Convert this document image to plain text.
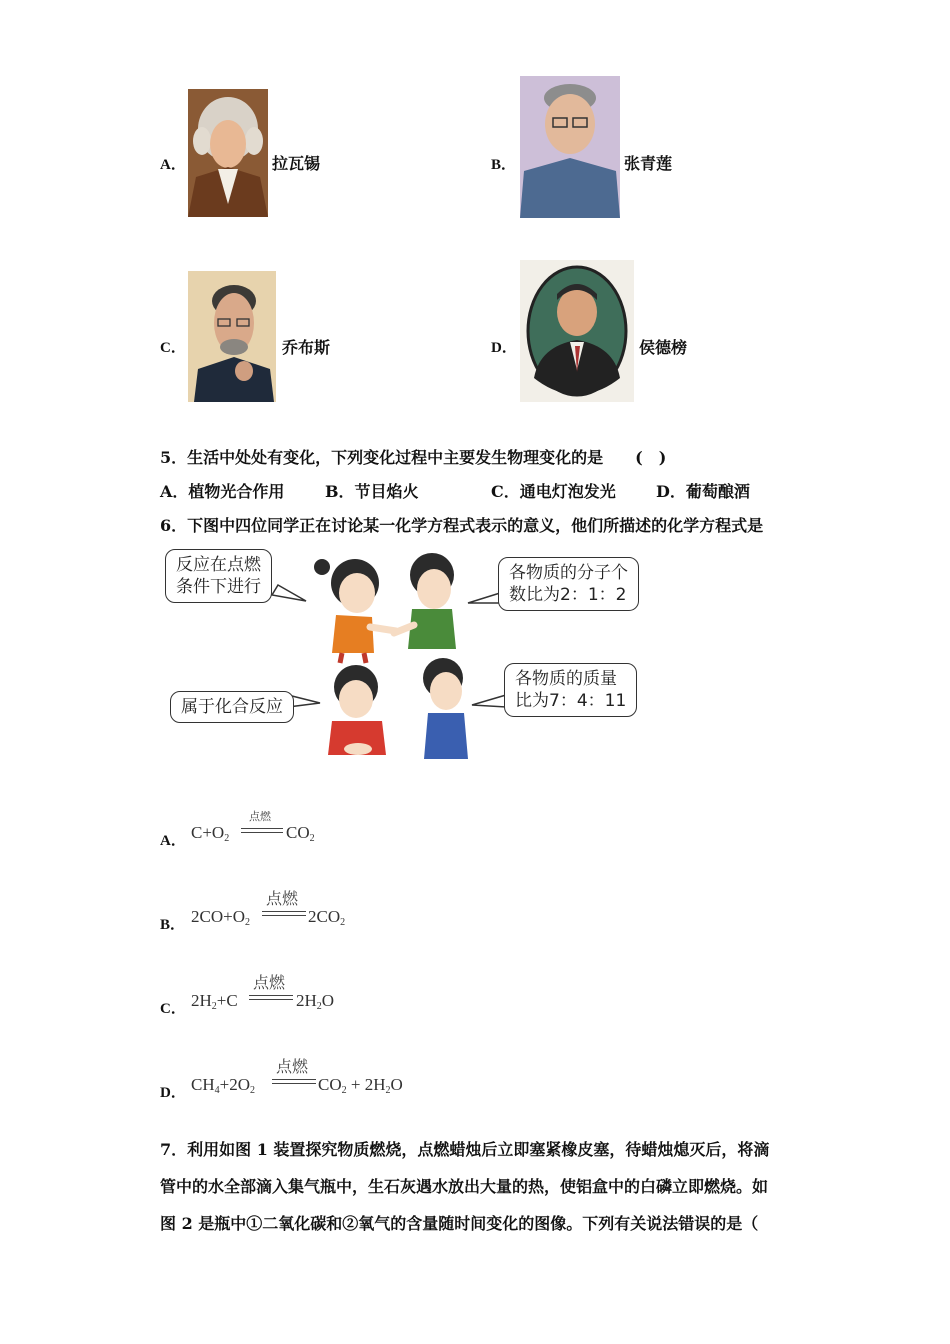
A．	拉瓦锡	B．	张青莲
C．	乔布斯	D．	侯德榜
5．生活中处处有变化，下列变化过程中主要发生物理变化的是　　(　)
A．植物光合作用	B．节目焰火	C．通电灯泡发光	D．葡萄酿酒
6．下图中四位同学正在讨论某一化学方程式表示的意义，他们所描述的化学方程式是
反应在点燃
条件下进行
各物质的分子个
数比为2：1：2
属于化合反应
各物质的质量
比为7：4：11
A． $C+O_2$
点燃
$CO_2$
B． $2CO+O_2$
点燃
$2CO_2$
C． $2H_2+C$
点燃
$2H_2O$
D． $CH_4+2O_2$
点燃
$CO_2 + 2H_2O$
7．利用如图 1 装置探究物质燃烧，点燃蜡烛后立即塞紧橡皮塞，待蜡烛熄灭后，将滴
管中的水全部滴入集气瓶中，生石灰遇水放出大量的热，使铝盒中的白磷立即燃烧。如
图 2 是瓶中①二氧化碳和②氧气的含量随时间变化的图像。下列有关说法错误的是（
